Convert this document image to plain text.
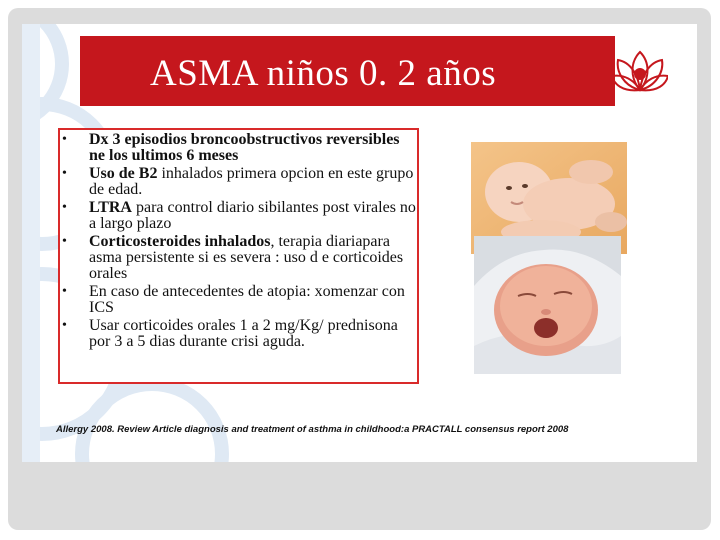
ASMA niños 0. 2 años
• Dx 3 episodios broncoobstructivos reversibles ne los ultimos 6 meses
• Uso de B2 inhalados primera opcion en este grupo de edad.
• LTRA para control diario sibilantes post virales no a largo plazo
• Corticosteroides inhalados, terapia diariapara asma persistente si es severa : uso d e corticoides orales
• En caso de antecedentes de atopia: xomenzar con ICS
• Usar corticoides orales 1 a 2 mg/Kg/ prednisona por 3 a 5 dias durante crisi aguda.
Allergy 2008. Review Article diagnosis and treatment of asthma in childhood:a PRACTALL consensus report 2008
